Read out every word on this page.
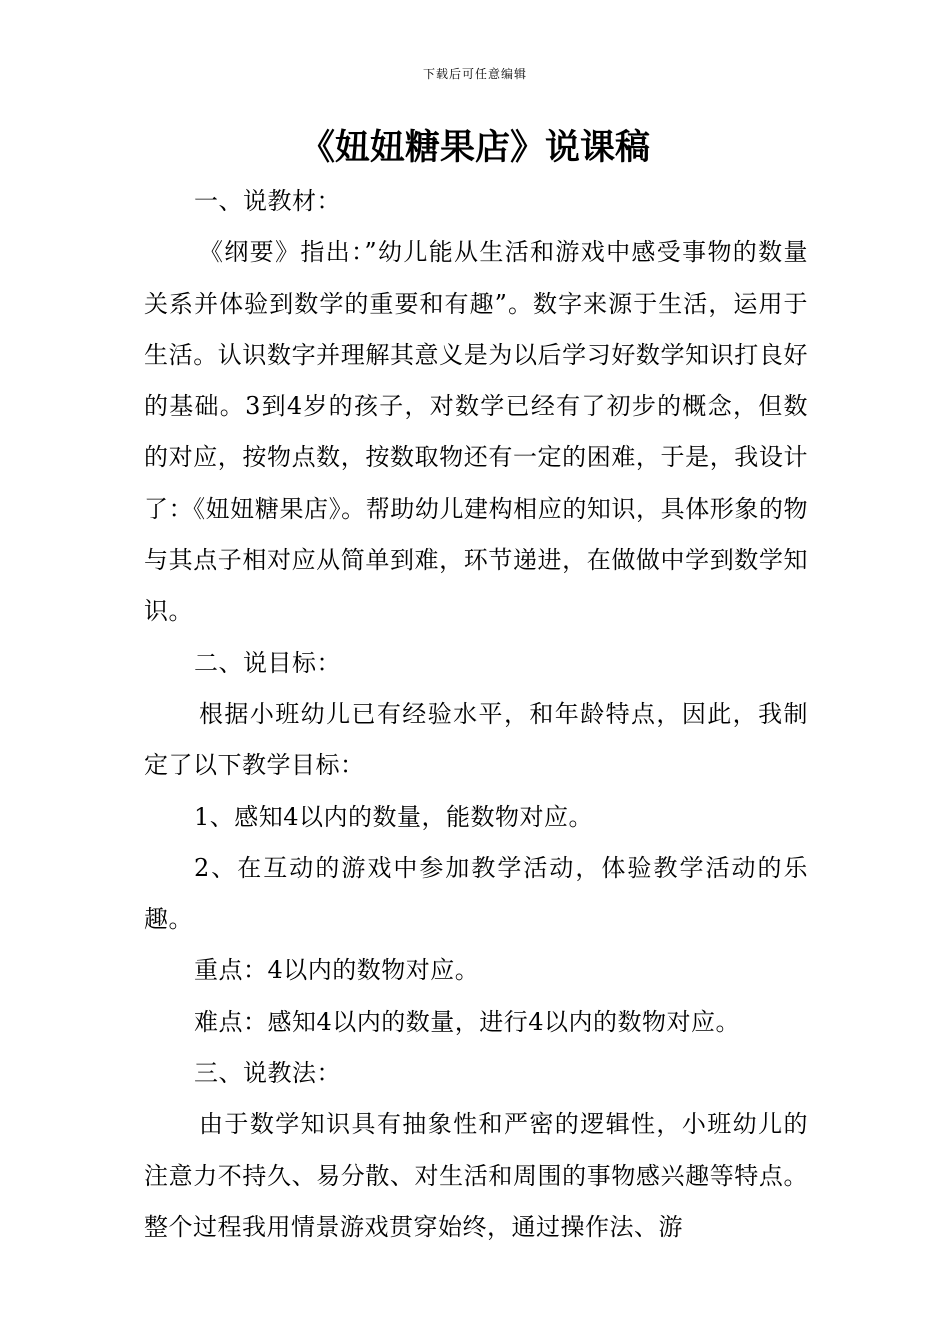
下载后可任意编辑
《妞妞糖果店》说课稿

一、说教材：

《纲要》指出：”幼儿能从生活和游戏中感受事物的数量关系并体验到数学的重要和有趣”。数字来源于生活，运用于生活。认识数字并理解其意义是为以后学习好数学知识打良好的基础。3到4岁的孩子，对数学已经有了初步的概念，但数的对应，按物点数，按数取物还有一定的困难，于是，我设计了：《妞妞糖果店》。帮助幼儿建构相应的知识，具体形象的物与其点子相对应从简单到难，环节递进，在做做中学到数学知识。

二、说目标：

根据小班幼儿已有经验水平，和年龄特点，因此，我制定了以下教学目标：

1、感知4以内的数量，能数物对应。

2、在互动的游戏中参加教学活动，体验教学活动的乐趣。

重点：4以内的数物对应。

难点：感知4以内的数量，进行4以内的数物对应。

三、说教法：

由于数学知识具有抽象性和严密的逻辑性，小班幼儿的注意力不持久、易分散、对生活和周围的事物感兴趣等特点。整个过程我用情景游戏贯穿始终，通过操作法、游
